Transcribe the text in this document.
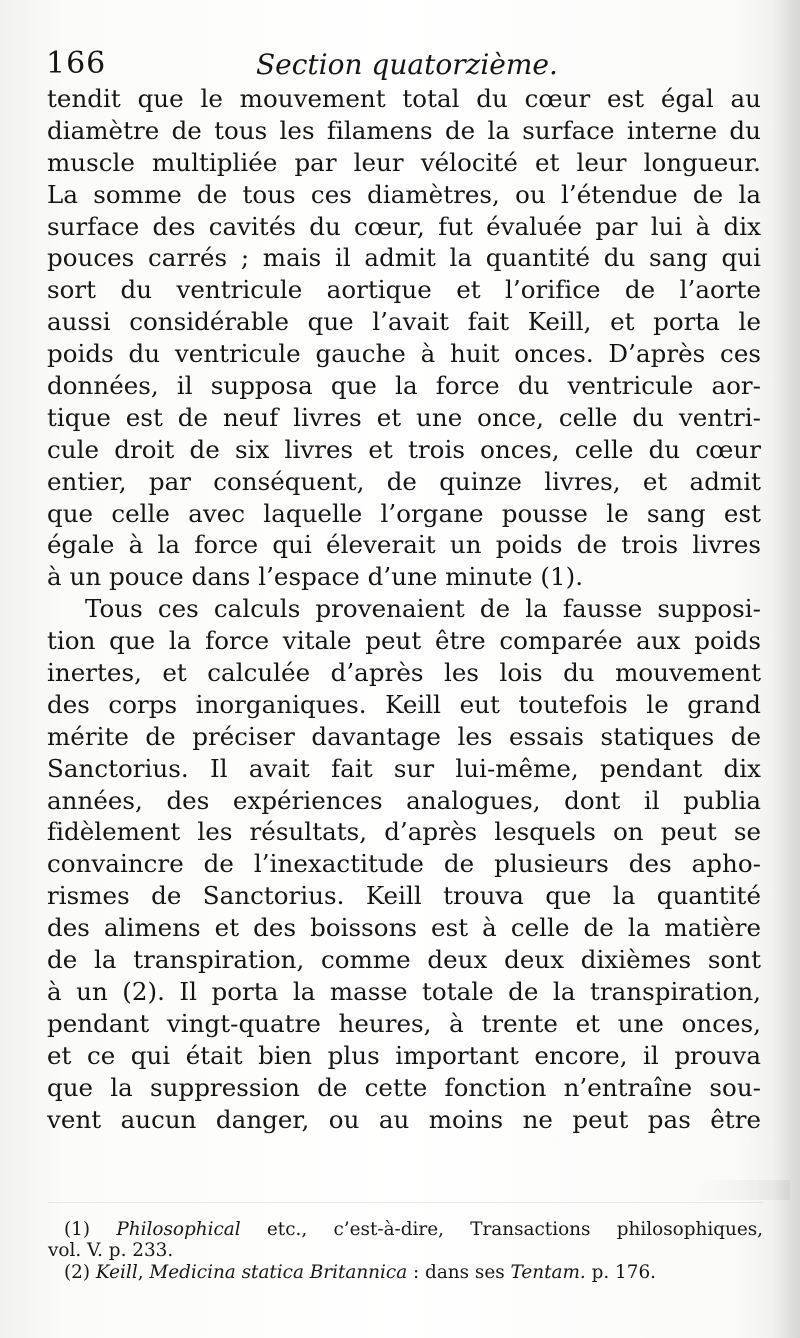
166	Section quatorzième.
tendit que le mouvement total du cœur est égal au
diamètre de tous les filamens de la surface interne du
muscle multipliée par leur vélocité et leur longueur.
La somme de tous ces diamètres, ou l’étendue de la
surface des cavités du cœur, fut évaluée par lui à dix
pouces carrés ; mais il admit la quantité du sang qui
sort du ventricule aortique et l’orifice de l’aorte
aussi considérable que l’avait fait Keill, et porta le
poids du ventricule gauche à huit onces. D’après ces
données, il supposa que la force du ventricule aor-
tique est de neuf livres et une once, celle du ventri-
cule droit de six livres et trois onces, celle du cœur
entier, par conséquent, de quinze livres, et admit
que celle avec laquelle l’organe pousse le sang est
égale à la force qui éleverait un poids de trois livres
à un pouce dans l’espace d’une minute (1).
Tous ces calculs provenaient de la fausse supposi-
tion que la force vitale peut être comparée aux poids
inertes, et calculée d’après les lois du mouvement
des corps inorganiques. Keill eut toutefois le grand
mérite de préciser davantage les essais statiques de
Sanctorius. Il avait fait sur lui-même, pendant dix
années, des expériences analogues, dont il publia
fidèlement les résultats, d’après lesquels on peut se
convaincre de l’inexactitude de plusieurs des apho-
rismes de Sanctorius. Keill trouva que la quantité
des alimens et des boissons est à celle de la matière
de la transpiration, comme deux deux dixièmes sont
à un (2). Il porta la masse totale de la transpiration,
pendant vingt-quatre heures, à trente et une onces,
et ce qui était bien plus important encore, il prouva
que la suppression de cette fonction n’entraîne sou-
vent aucun danger, ou au moins ne peut pas être
(1) Philosophical etc., c’est-à-dire, Transactions philosophiques,
vol. V. p. 233.
(2) Keill, Medicina statica Britannica : dans ses Tentam. p. 176.
